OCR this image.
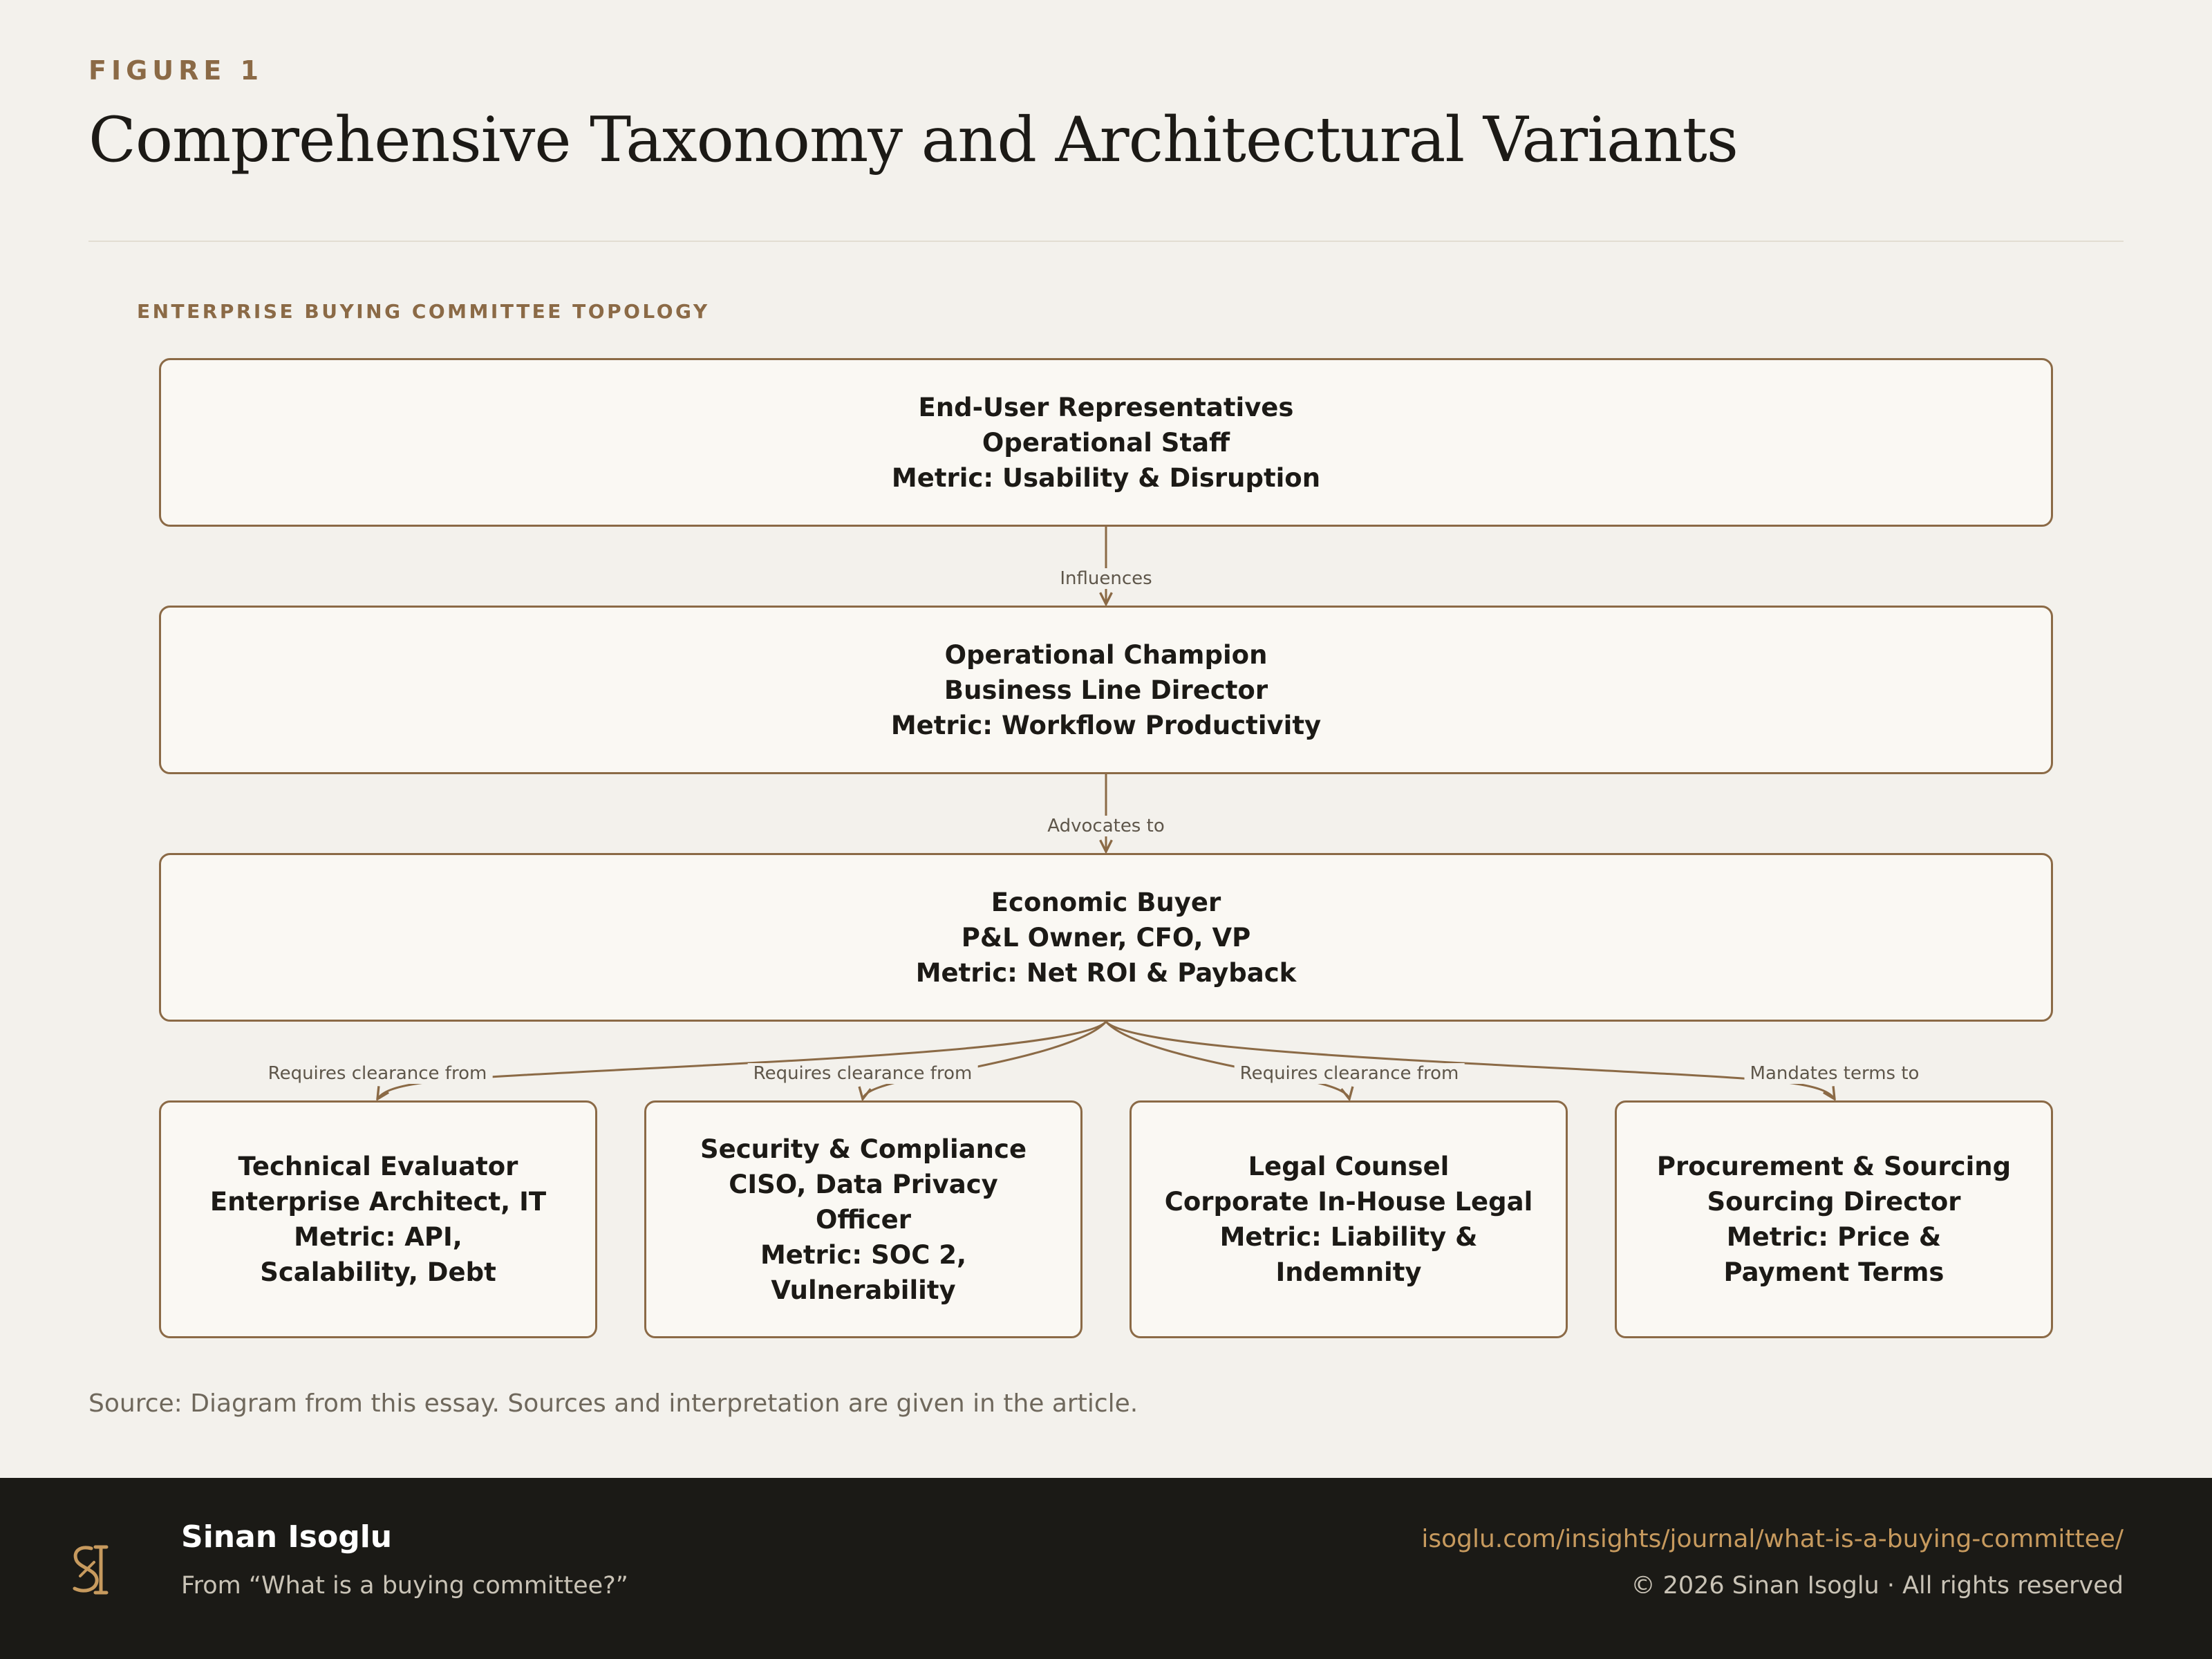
FIGURE 1
Comprehensive Taxonomy and Architectural Variants
ENTERPRISE BUYING COMMITTEE TOPOLOGY
Influences
Advocates to
Requires clearance from	Requires clearance from	Requires clearance from	Mandates terms to
End-User Representatives
Operational Staff
Metric: Usability & Disruption
Operational Champion
Business Line Director
Metric: Workflow Productivity
Economic Buyer
P&L Owner, CFO, VP
Metric: Net ROI & Payback
Technical Evaluator
Enterprise Architect, IT
Metric: API,
Scalability, Debt
Security & Compliance
CISO, Data Privacy
Officer
Metric: SOC 2,
Vulnerability
Legal Counsel
Corporate In-House Legal
Metric: Liability &
Indemnity
Procurement & Sourcing
Sourcing Director
Metric: Price &
Payment Terms
Source: Diagram from this essay. Sources and interpretation are given in the article.
Sinan Isoglu
From “What is a buying committee?”
isoglu.com/insights/journal/what-is-a-buying-committee/
© 2026 Sinan Isoglu · All rights reserved
